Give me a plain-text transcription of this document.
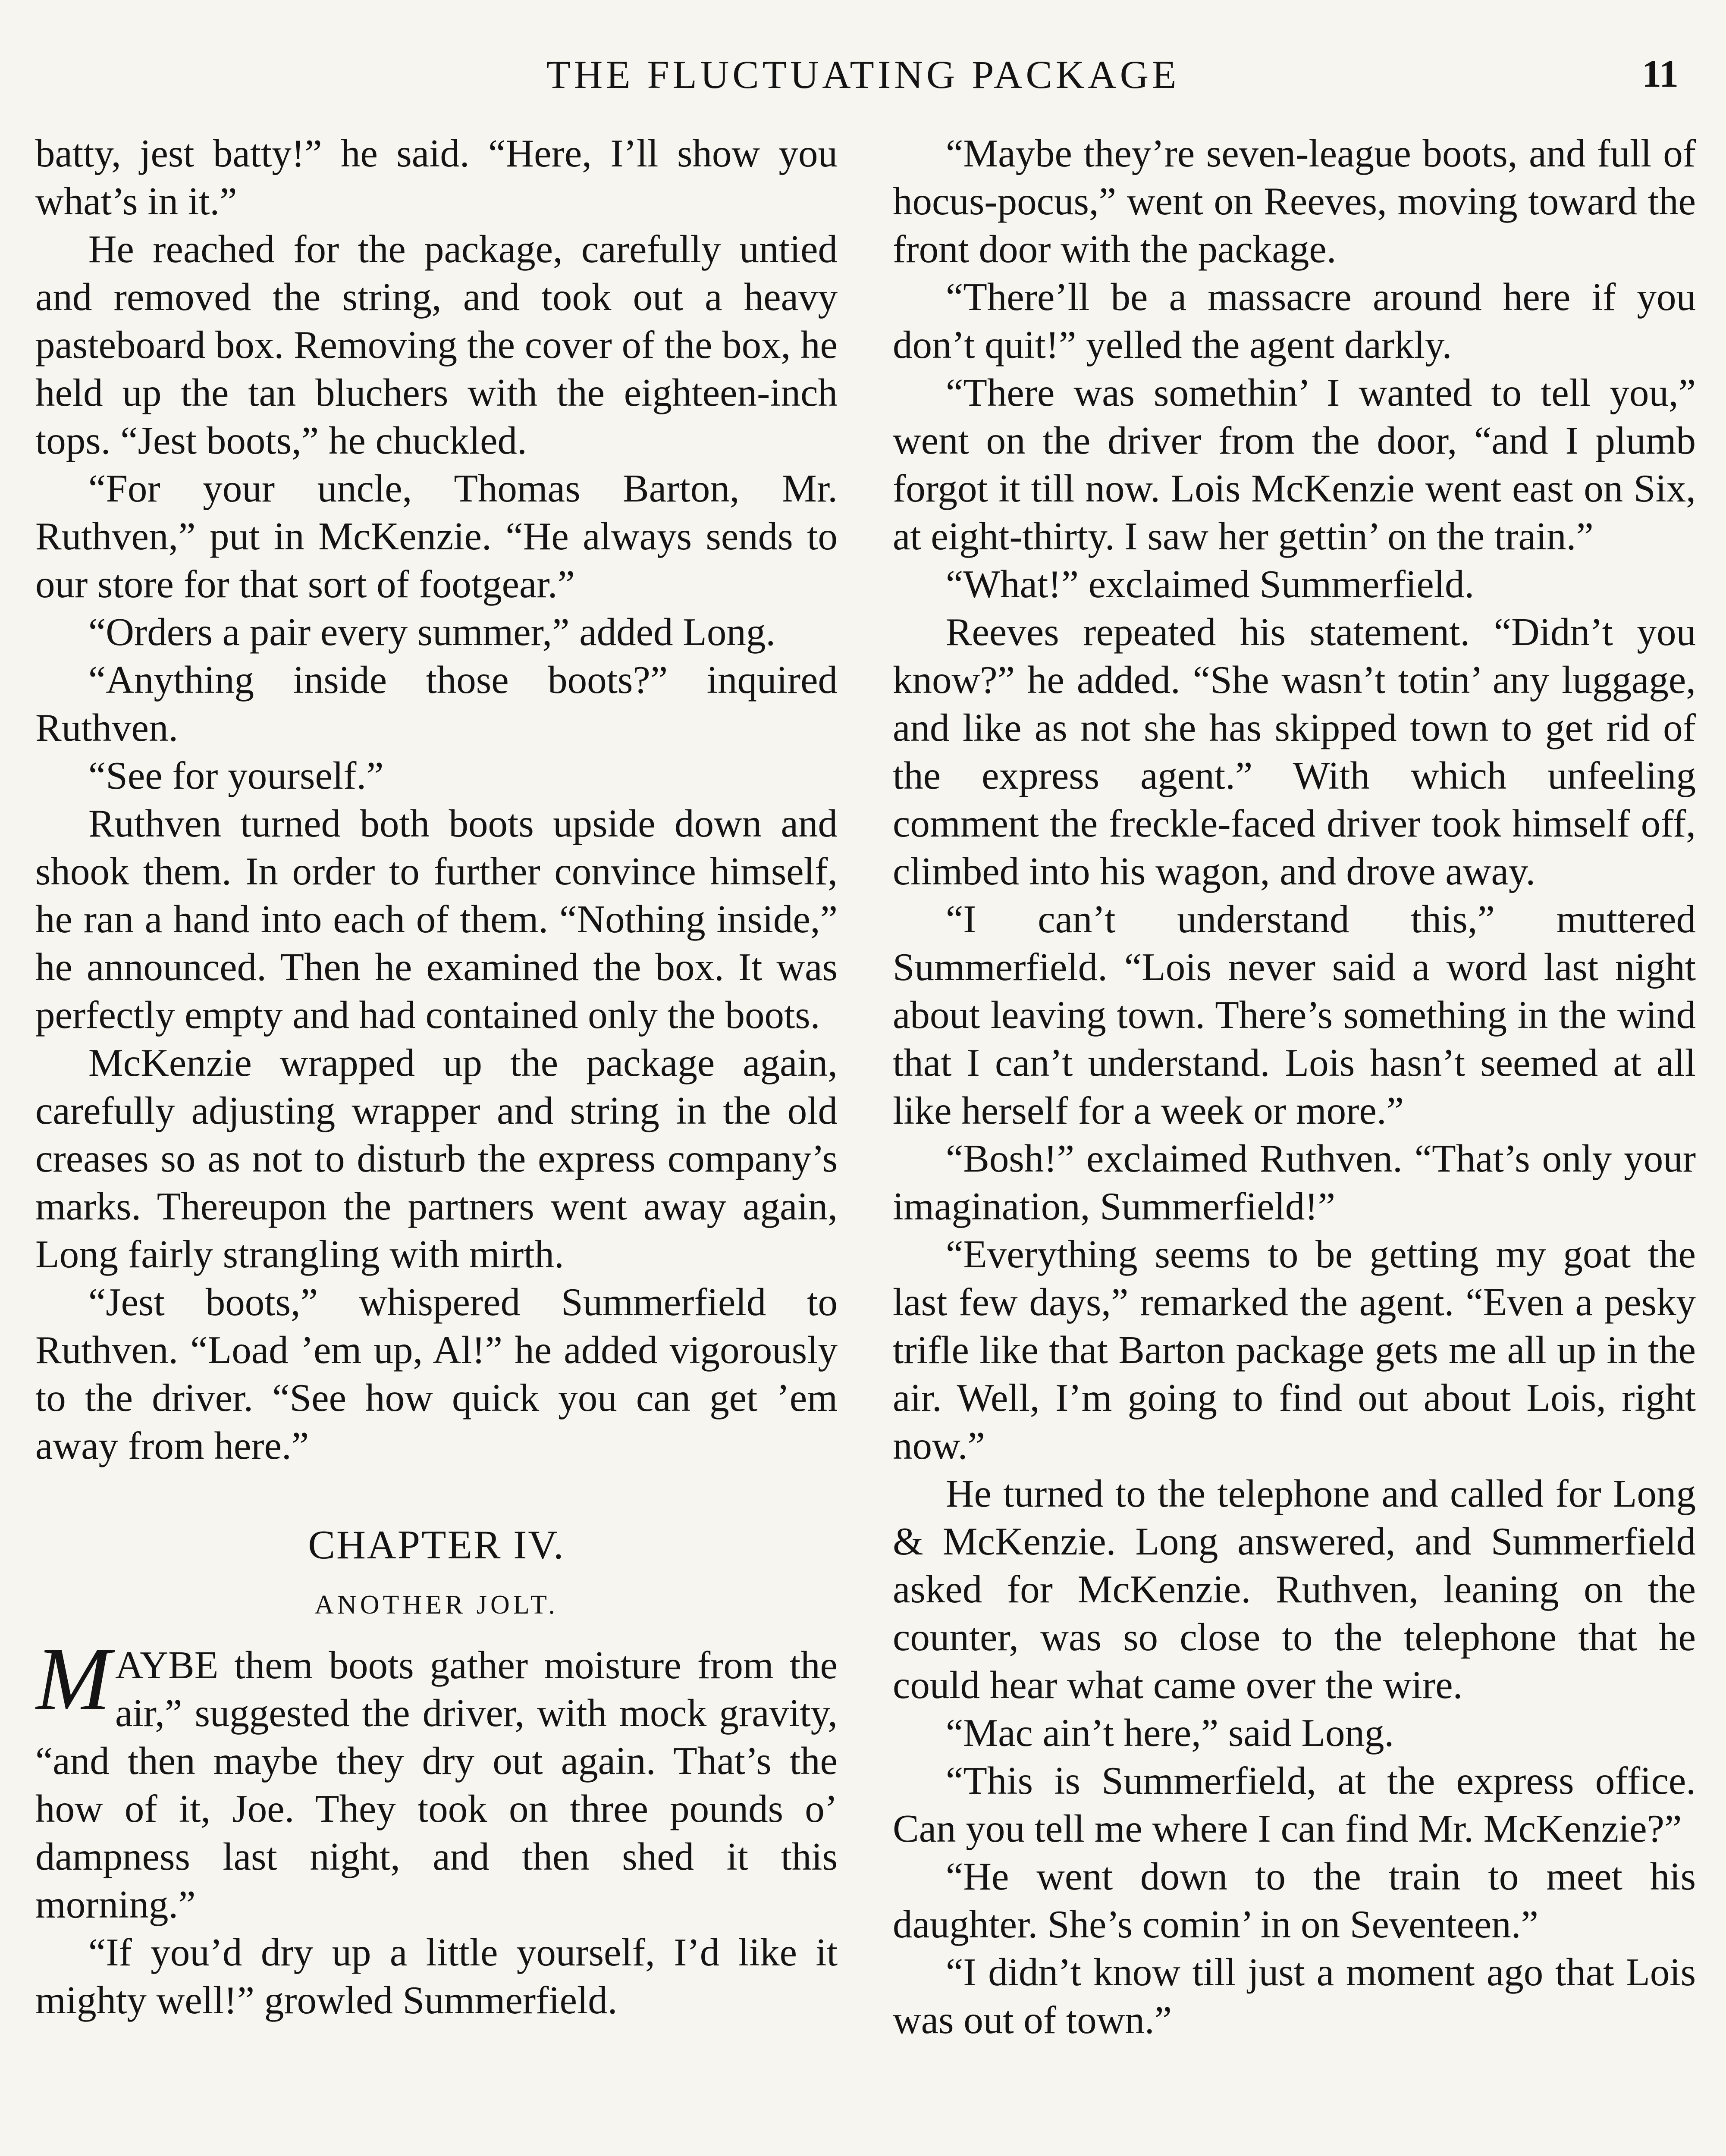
THE FLUCTUATING PACKAGE	11

batty, jest batty!” he said. “Here, I’ll show you what’s in it.”

He reached for the package, carefully untied and removed the string, and took out a heavy pasteboard box. Removing the cover of the box, he held up the tan bluchers with the eighteen-inch tops. “Jest boots,” he chuckled.

“For your uncle, Thomas Barton, Mr. Ruthven,” put in McKenzie. “He always sends to our store for that sort of footgear.”

“Orders a pair every summer,” added Long.

“Anything inside those boots?” inquired Ruthven.

“See for yourself.”

Ruthven turned both boots upside down and shook them. In order to further convince himself, he ran a hand into each of them. “Nothing inside,” he announced. Then he examined the box. It was perfectly empty and had contained only the boots.

McKenzie wrapped up the package again, carefully adjusting wrapper and string in the old creases so as not to disturb the express company’s marks. Thereupon the partners went away again, Long fairly strangling with mirth.

“Jest boots,” whispered Summerfield to Ruthven. “Load ’em up, Al!” he added vigorously to the driver. “See how quick you can get ’em away from here.”

CHAPTER IV.
ANOTHER JOLT.

MAYBE them boots gather moisture from the air,” suggested the driver, with mock gravity, “and then maybe they dry out again. That’s the how of it, Joe. They took on three pounds o’ dampness last night, and then shed it this morning.”

“If you’d dry up a little yourself, I’d like it mighty well!” growled Summerfield.

“Maybe they’re seven-league boots, and full of hocus-pocus,” went on Reeves, moving toward the front door with the package.

“There’ll be a massacre around here if you don’t quit!” yelled the agent darkly.

“There was somethin’ I wanted to tell you,” went on the driver from the door, “and I plumb forgot it till now. Lois McKenzie went east on Six, at eight-thirty. I saw her gettin’ on the train.”

“What!” exclaimed Summerfield.

Reeves repeated his statement. “Didn’t you know?” he added. “She wasn’t totin’ any luggage, and like as not she has skipped town to get rid of the express agent.” With which unfeeling comment the freckle-faced driver took himself off, climbed into his wagon, and drove away.

“I can’t understand this,” muttered Summerfield. “Lois never said a word last night about leaving town. There’s something in the wind that I can’t understand. Lois hasn’t seemed at all like herself for a week or more.”

“Bosh!” exclaimed Ruthven. “That’s only your imagination, Summerfield!”

“Everything seems to be getting my goat the last few days,” remarked the agent. “Even a pesky trifle like that Barton package gets me all up in the air. Well, I’m going to find out about Lois, right now.”

He turned to the telephone and called for Long & McKenzie. Long answered, and Summerfield asked for McKenzie. Ruthven, leaning on the counter, was so close to the telephone that he could hear what came over the wire.

“Mac ain’t here,” said Long.

“This is Summerfield, at the express office. Can you tell me where I can find Mr. McKenzie?”

“He went down to the train to meet his daughter. She’s comin’ in on Seventeen.”

“I didn’t know till just a moment ago that Lois was out of town.”
